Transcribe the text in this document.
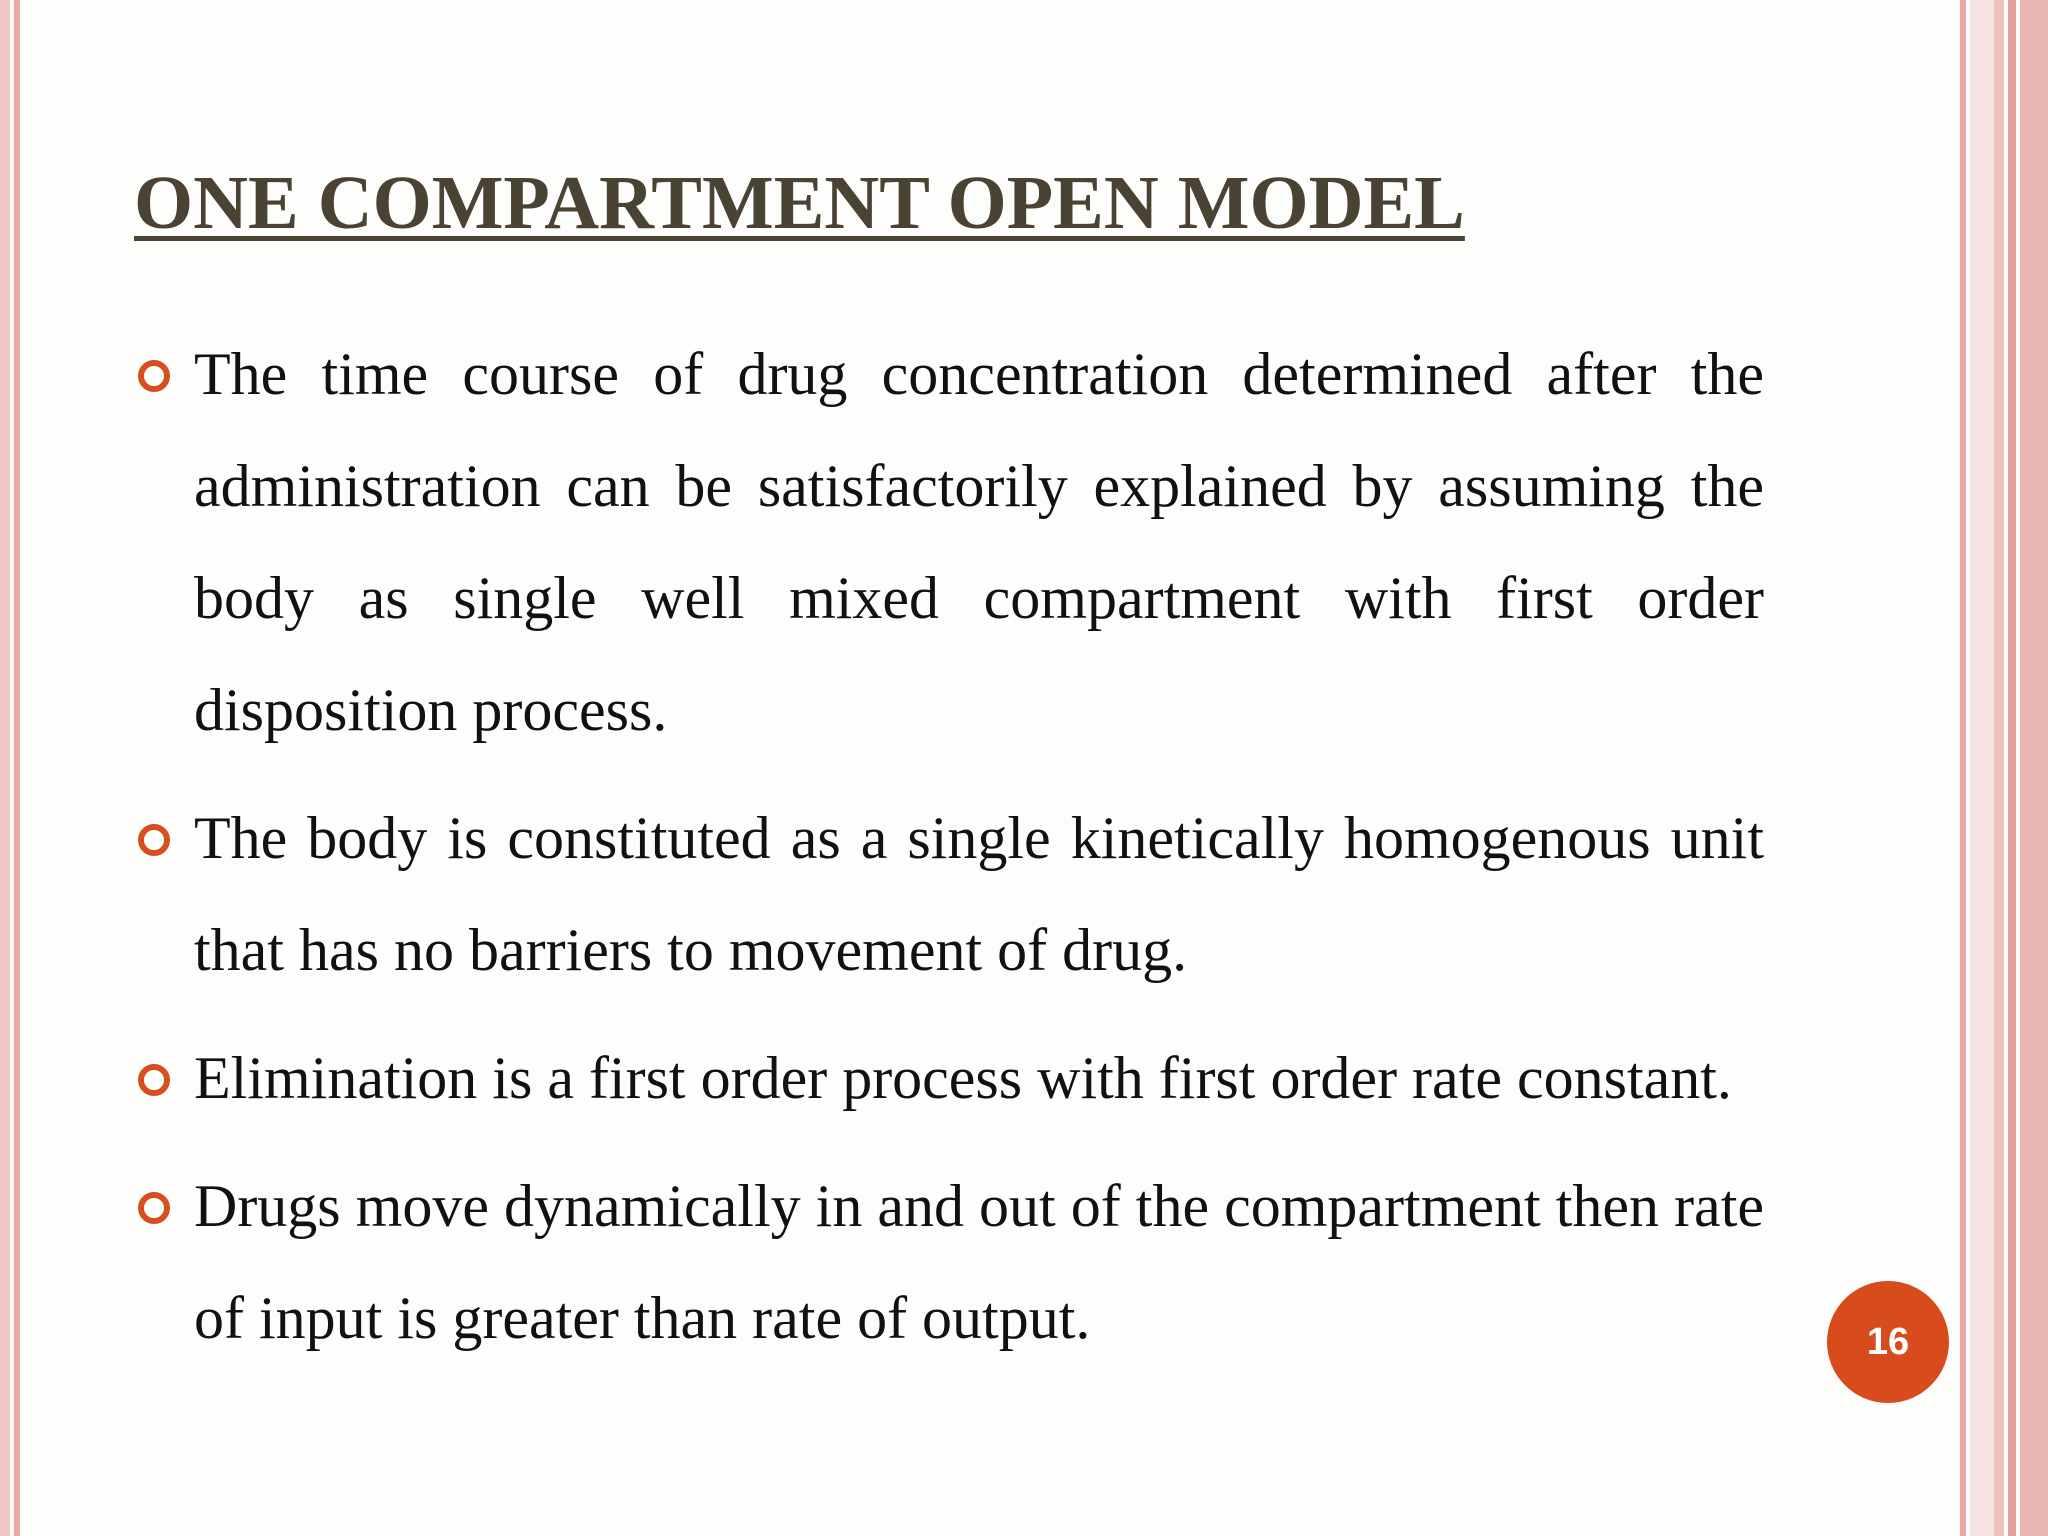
ONE COMPARTMENT OPEN MODEL
The time course of drug concentration determined after the administration can be satisfactorily explained by assuming the body as single well mixed compartment with first order disposition process.
The body is constituted as a single kinetically homogenous unit that has no barriers to movement of drug.
Elimination is a first order process with first order rate constant.
Drugs move dynamically in and out of the compartment then rate of input is greater than rate of output.	16
